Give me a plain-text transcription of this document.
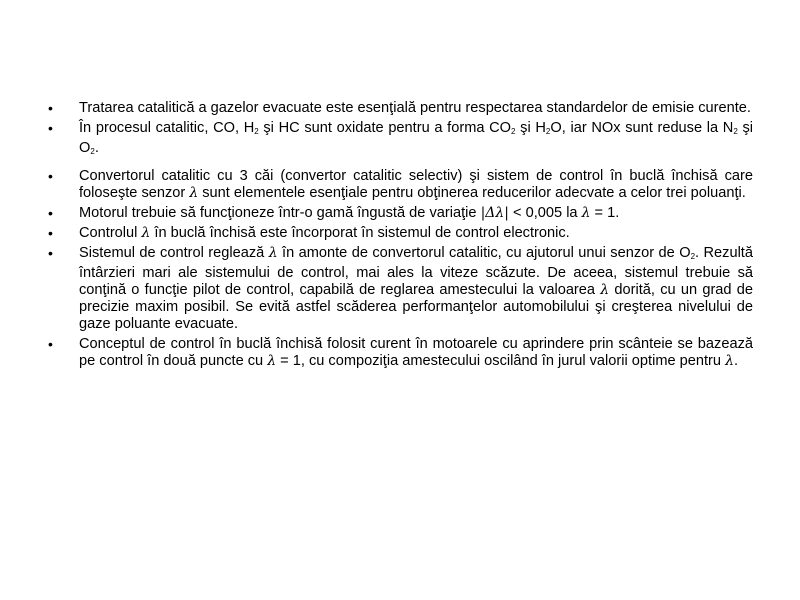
• Tratarea catalitică a gazelor evacuate este esenţială pentru respectarea standardelor de emisie curente.
• În procesul catalitic, CO, $H_2$ şi HC sunt oxidate pentru a forma $CO_2$ şi $H_2O$, iar NOx sunt reduse la $N_2$ şi $O_2$.
• Convertorul catalitic cu 3 căi (convertor catalitic selectiv) şi sistem de control în buclă închisă care foloseşte senzor λ sunt elementele esenţiale pentru obţinerea reducerilor adecvate a celor trei poluanţi.
• Motorul trebuie să funcţioneze într-o gamă îngustă de variaţie |Δλ| < 0,005 la λ = 1.
• Controlul λ în buclă închisă este încorporat în sistemul de control electronic.
• Sistemul de control reglează λ în amonte de convertorul catalitic, cu ajutorul unui senzor de $O_2$. Rezultă întârzieri mari ale sistemului de control, mai ales la viteze scăzute. De aceea, sistemul trebuie să conţină o funcţie pilot de control, capabilă de reglarea amestecului la valoarea λ dorită, cu un grad de precizie maxim posibil. Se evită astfel scăderea performanţelor automobilului şi creşterea nivelului de gaze poluante evacuate.
• Conceptul de control în buclă închisă folosit curent în motoarele cu aprindere prin scânteie se bazează pe control în două puncte cu λ = 1, cu compoziţia amestecului oscilând în jurul valorii optime pentru λ.
